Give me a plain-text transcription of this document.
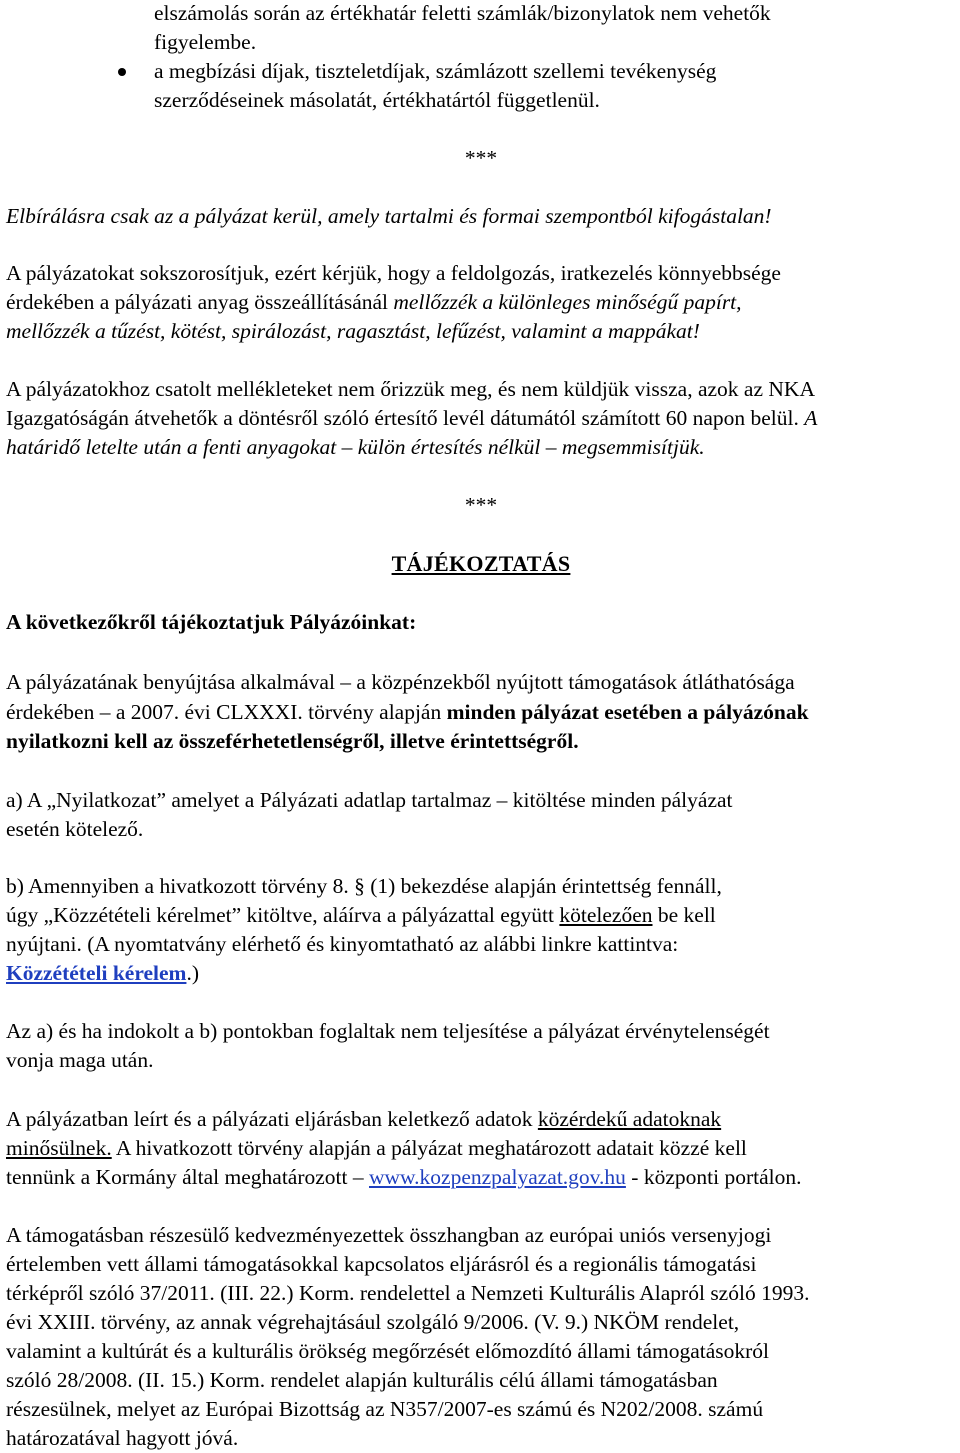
elszámolás során az értékhatár feletti számlák/bizonylatok nem vehetők
figyelembe.
a megbízási díjak, tiszteletdíjak, számlázott szellemi tevékenység
szerződéseinek másolatát, értékhatártól függetlenül.
***
Elbírálásra csak az a pályázat kerül, amely tartalmi és formai szempontból kifogástalan!
A pályázatokat sokszorosítjuk, ezért kérjük, hogy a feldolgozás, iratkezelés könnyebbsége
érdekében a pályázati anyag összeállításánál mellőzzék a különleges minőségű papírt,
mellőzzék a tűzést, kötést, spirálozást, ragasztást, lefűzést, valamint a mappákat!
A pályázatokhoz csatolt mellékleteket nem őrizzük meg, és nem küldjük vissza, azok az NKA
Igazgatóságán átvehetők a döntésről szóló értesítő levél dátumától számított 60 napon belül. A
határidő letelte után a fenti anyagokat – külön értesítés nélkül – megsemmisítjük.
***
TÁJÉKOZTATÁS
A következőkről tájékoztatjuk Pályázóinkat:
A pályázatának benyújtása alkalmával – a közpénzekből nyújtott támogatások átláthatósága
érdekében – a 2007. évi CLXXXI. törvény alapján minden pályázat esetében a pályázónak
nyilatkozni kell az összeférhetetlenségről, illetve érintettségről.
a) A „Nyilatkozat” amelyet a Pályázati adatlap tartalmaz – kitöltése minden pályázat
esetén kötelező.
b) Amennyiben a hivatkozott törvény 8. § (1) bekezdése alapján érintettség fennáll,
úgy „Közzétételi kérelmet” kitöltve, aláírva a pályázattal együtt kötelezően be kell
nyújtani. (A nyomtatvány elérhető és kinyomtatható az alábbi linkre kattintva:
Közzétételi kérelem.)
Az a) és ha indokolt a b) pontokban foglaltak nem teljesítése a pályázat érvénytelenségét
vonja maga után.
A pályázatban leírt és a pályázati eljárásban keletkező adatok közérdekű adatoknak
minősülnek. A hivatkozott törvény alapján a pályázat meghatározott adatait közzé kell
tennünk a Kormány által meghatározott – www.kozpenzpalyazat.gov.hu - központi portálon.
A támogatásban részesülő kedvezményezettek összhangban az európai uniós versenyjogi
értelemben vett állami támogatásokkal kapcsolatos eljárásról és a regionális támogatási
térképről szóló 37/2011. (III. 22.) Korm. rendelettel a Nemzeti Kulturális Alapról szóló 1993.
évi XXIII. törvény, az annak végrehajtásául szolgáló 9/2006. (V. 9.) NKÖM rendelet,
valamint a kultúrát és a kulturális örökség megőrzését előmozdító állami támogatásokról
szóló 28/2008. (II. 15.) Korm. rendelet alapján kulturális célú állami támogatásban
részesülnek, melyet az Európai Bizottság az N357/2007-es számú és N202/2008. számú
határozatával hagyott jóvá.
